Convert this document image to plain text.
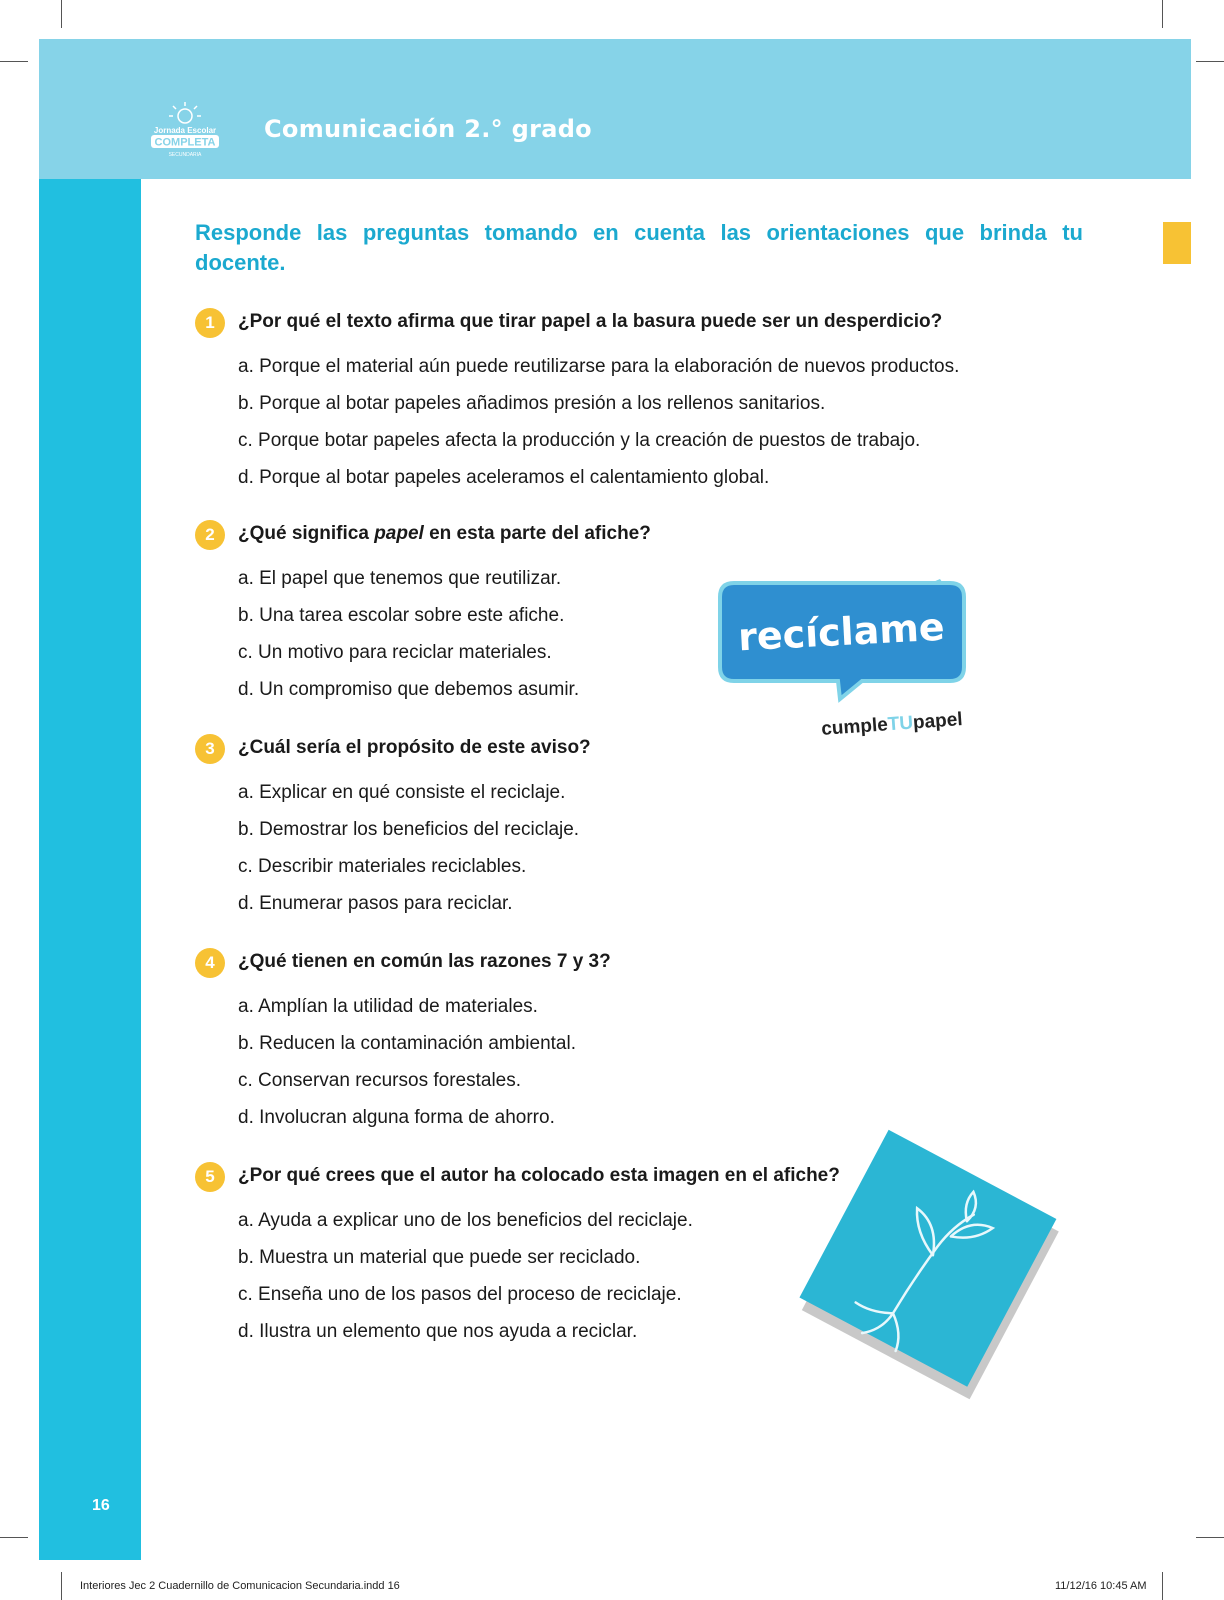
Jornada Escolar
COMPLETA
SECUNDARIA
Comunicación 2.° grado
Responde las preguntas tomando en cuenta las orientaciones que brinda tu docente.
1	¿Por qué el texto afirma que tirar papel a la basura puede ser un desperdicio?
a. Porque el material aún puede reutilizarse para la elaboración de nuevos productos.
b. Porque al botar papeles añadimos presión a los rellenos sanitarios.
c. Porque botar papeles afecta la producción y la creación de puestos de trabajo.
d. Porque al botar papeles aceleramos el calentamiento global.
2	¿Qué significa papel en esta parte del afiche?
a. El papel que tenemos que reutilizar.
b. Una tarea escolar sobre este afiche.
c. Un motivo para reciclar materiales.
d. Un compromiso que debemos asumir.
3	¿Cuál sería el propósito de este aviso?
a. Explicar en qué consiste el reciclaje.
b. Demostrar los beneficios del reciclaje.
c. Describir materiales reciclables.
d. Enumerar pasos para reciclar.
4	¿Qué tienen en común las razones 7 y 3?
a. Amplían la utilidad de materiales.
b. Reducen la contaminación ambiental.
c. Conservan recursos forestales.
d. Involucran alguna forma de ahorro.
5	¿Por qué crees que el autor ha colocado esta imagen en el afiche?
a. Ayuda a explicar uno de los beneficios del reciclaje.
b. Muestra un material que puede ser reciclado.
c. Enseña uno de los pasos del proceso de reciclaje.
d. Ilustra un elemento que nos ayuda a reciclar.
recíclame
cumpleTUpapel
16
Interiores Jec 2 Cuadernillo de Comunicacion Secundaria.indd 16	11/12/16 10:45 AM
